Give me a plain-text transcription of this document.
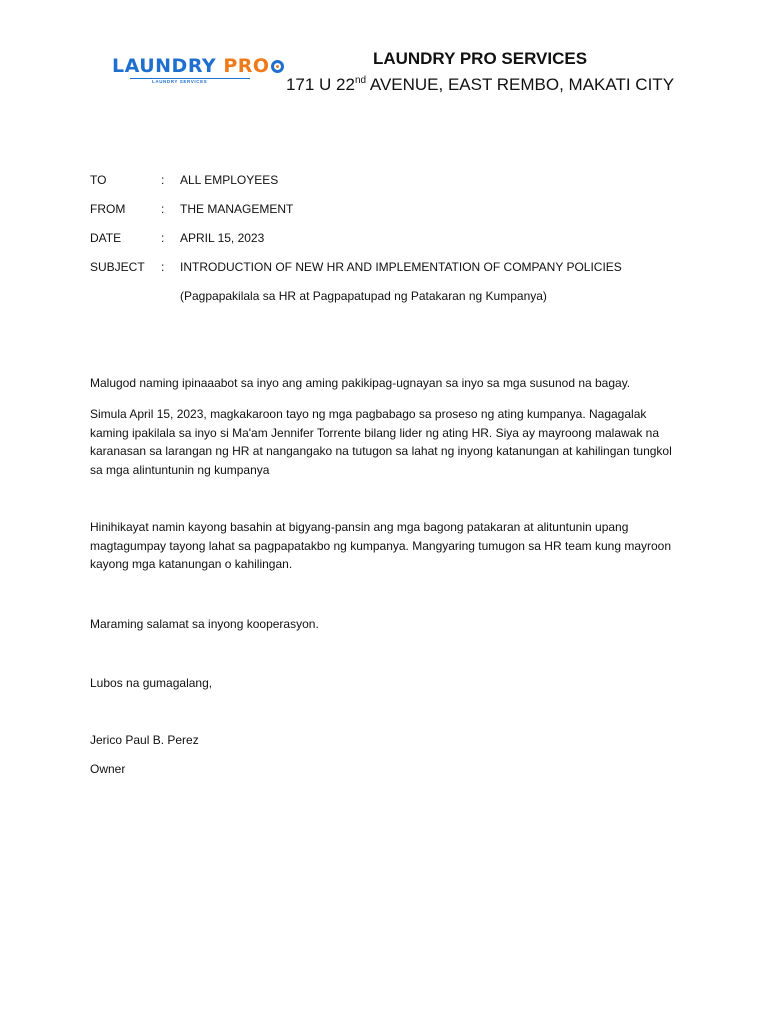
LAUNDRY PRO
LAUNDRY SERVICES
LAUNDRY PRO SERVICES
171 U 22nd AVENUE, EAST REMBO, MAKATI CITY
TO	: ALL EMPLOYEES
FROM	: THE MANAGEMENT
DATE	: APRIL 15, 2023
SUBJECT : INTRODUCTION OF NEW HR AND IMPLEMENTATION OF COMPANY POLICIES
(Pagpapakilala sa HR at Pagpapatupad ng Patakaran ng Kumpanya)

Malugod naming ipinaaabot sa inyo ang aming pakikipag-ugnayan sa inyo sa mga susunod na bagay.

Simula April 15, 2023, magkakaroon tayo ng mga pagbabago sa proseso ng ating kumpanya. Nagagalak kaming ipakilala sa inyo si Ma'am Jennifer Torrente bilang lider ng ating HR. Siya ay mayroong malawak na karanasan sa larangan ng HR at nangangako na tutugon sa lahat ng inyong katanungan at kahilingan tungkol sa mga alintuntunin ng kumpanya

Hinihikayat namin kayong basahin at bigyang-pansin ang mga bagong patakaran at alituntunin upang magtagumpay tayong lahat sa pagpapatakbo ng kumpanya. Mangyaring tumugon sa HR team kung mayroon kayong mga katanungan o kahilingan.

Maraming salamat sa inyong kooperasyon.

Lubos na gumagalang,

Jerico Paul B. Perez

Owner
